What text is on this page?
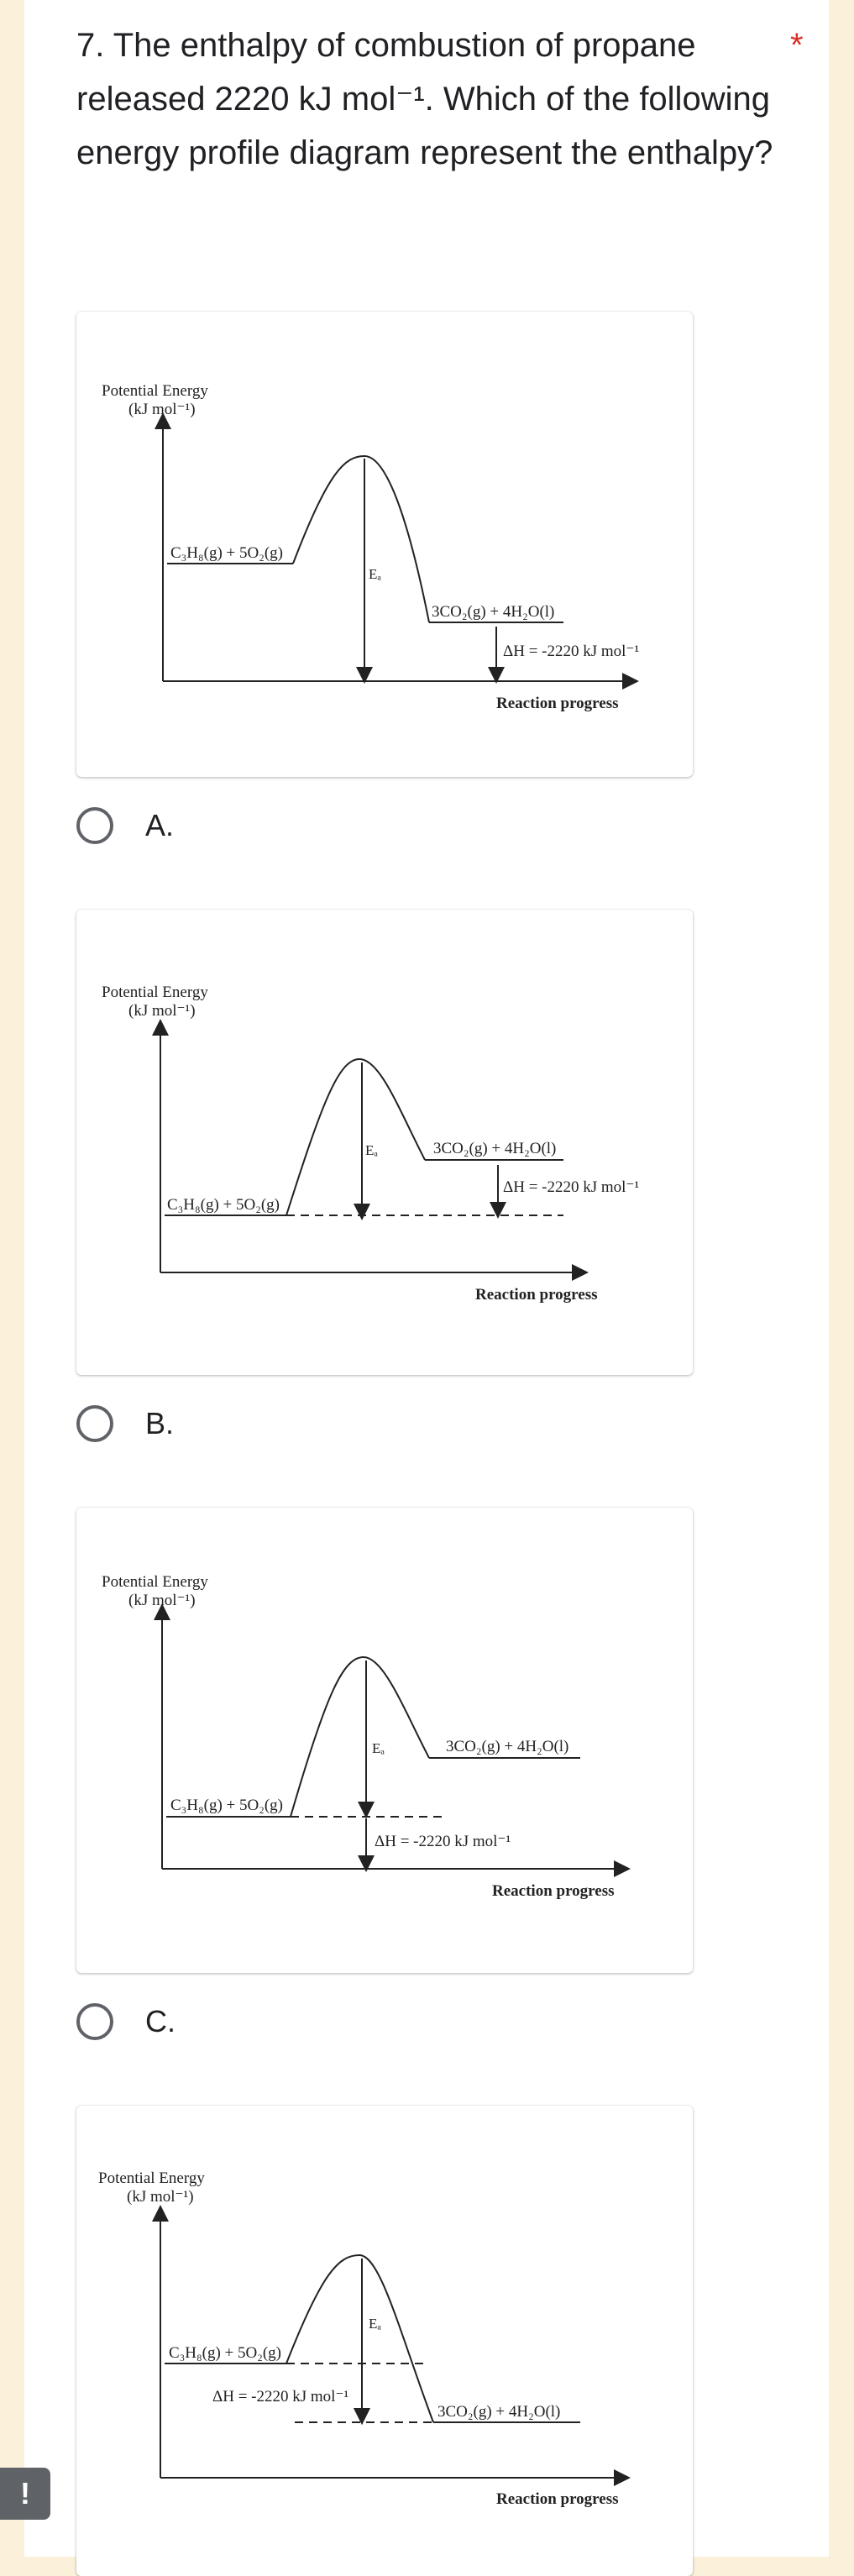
7. The enthalpy of combustion of propane released 2220 kJ mol⁻¹. Which of the following energy profile diagram represent the enthalpy?
*
Potential Energy
(kJ mol⁻¹)
C₃H₈(g) + 5O₂(g)
Eₐ
3CO₂(g) + 4H₂O(l)
ΔH = -2220 kJ mol⁻¹
Reaction progress
A.
Potential Energy
(kJ mol⁻¹)
C₃H₈(g) + 5O₂(g)
Eₐ	3CO₂(g) + 4H₂O(l)
ΔH = -2220 kJ mol⁻¹
Reaction progress
B.
Potential Energy
(kJ mol⁻¹)
C₃H₈(g) + 5O₂(g)
Eₐ	3CO₂(g) + 4H₂O(l)
ΔH = -2220 kJ mol⁻¹
Reaction progress
C.
Potential Energy
(kJ mol⁻¹)
C₃H₈(g) + 5O₂(g)
Eₐ
3CO₂(g) + 4H₂O(l)
ΔH = -2220 kJ mol⁻¹
Reaction progress
!
